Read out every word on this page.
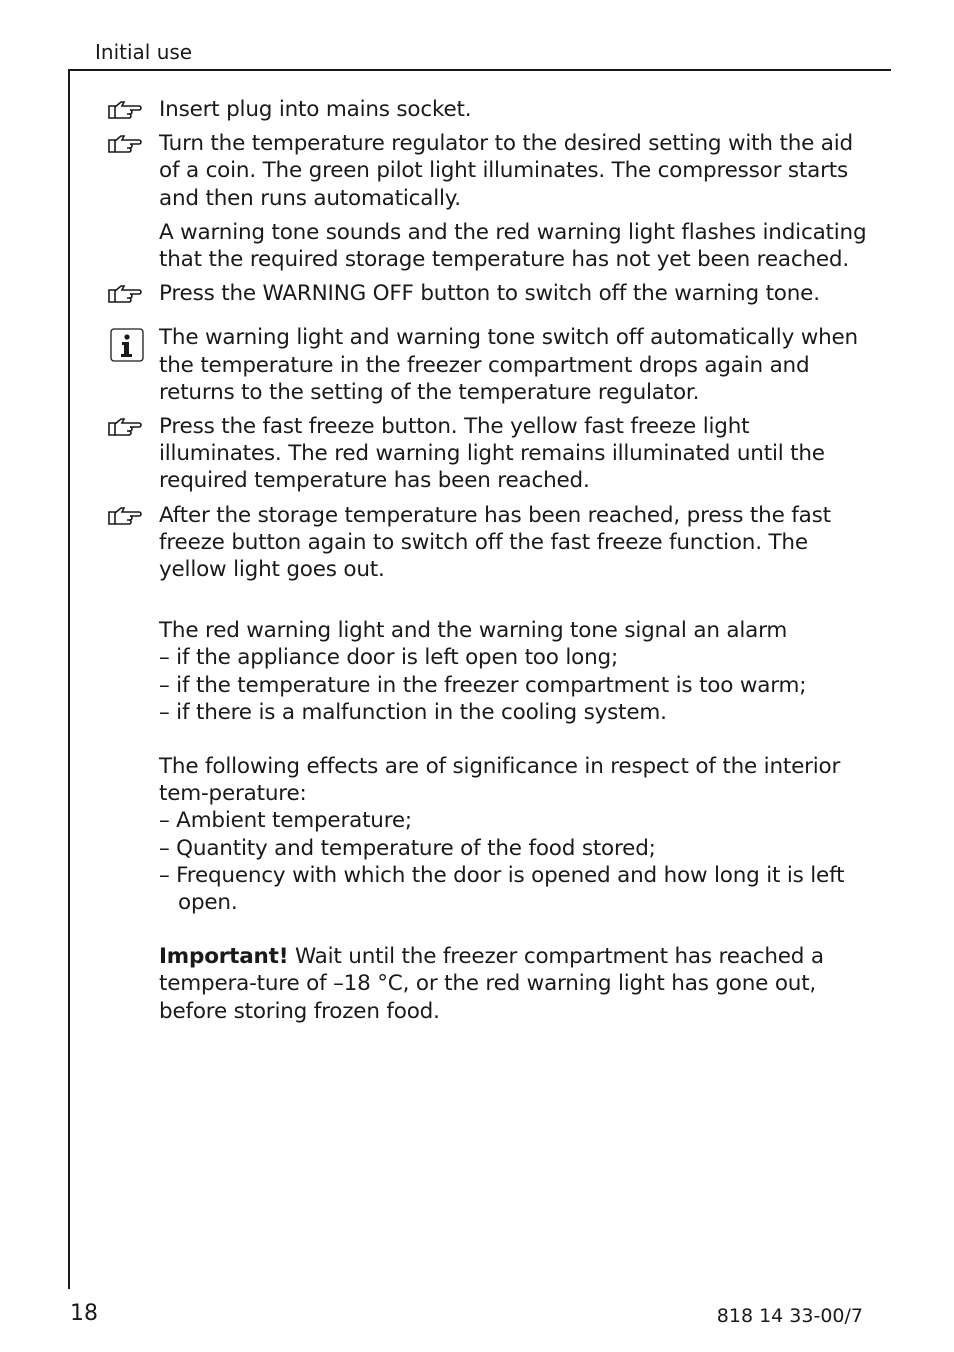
Initial use

Insert plug into mains socket.

Turn the temperature regulator to the desired setting with the aid of a coin. The green pilot light illuminates. The compressor starts and then runs automatically.

A warning tone sounds and the red warning light flashes indicating that the required storage temperature has not yet been reached.

Press the WARNING OFF button to switch off the warning tone.

The warning light and warning tone switch off automatically when the temperature in the freezer compartment drops again and returns to the setting of the temperature regulator.

Press the fast freeze button. The yellow fast freeze light illuminates. The red warning light remains illuminated until the required temperature has been reached.

After the storage temperature has been reached, press the fast freeze button again to switch off the fast freeze function. The yellow light goes out.

The red warning light and the warning tone signal an alarm

– if the appliance door is left open too long;

– if the temperature in the freezer compartment is too warm;

– if there is a malfunction in the cooling system.

The following effects are of significance in respect of the interior tem-perature:

– Ambient temperature;

– Quantity and temperature of the food stored;

– Frequency with which the door is opened and how long it is left open.

Important! Wait until the freezer compartment has reached a tempera-ture of –18 °C, or the red warning light has gone out, before storing frozen food.

18	818 14 33-00/7
